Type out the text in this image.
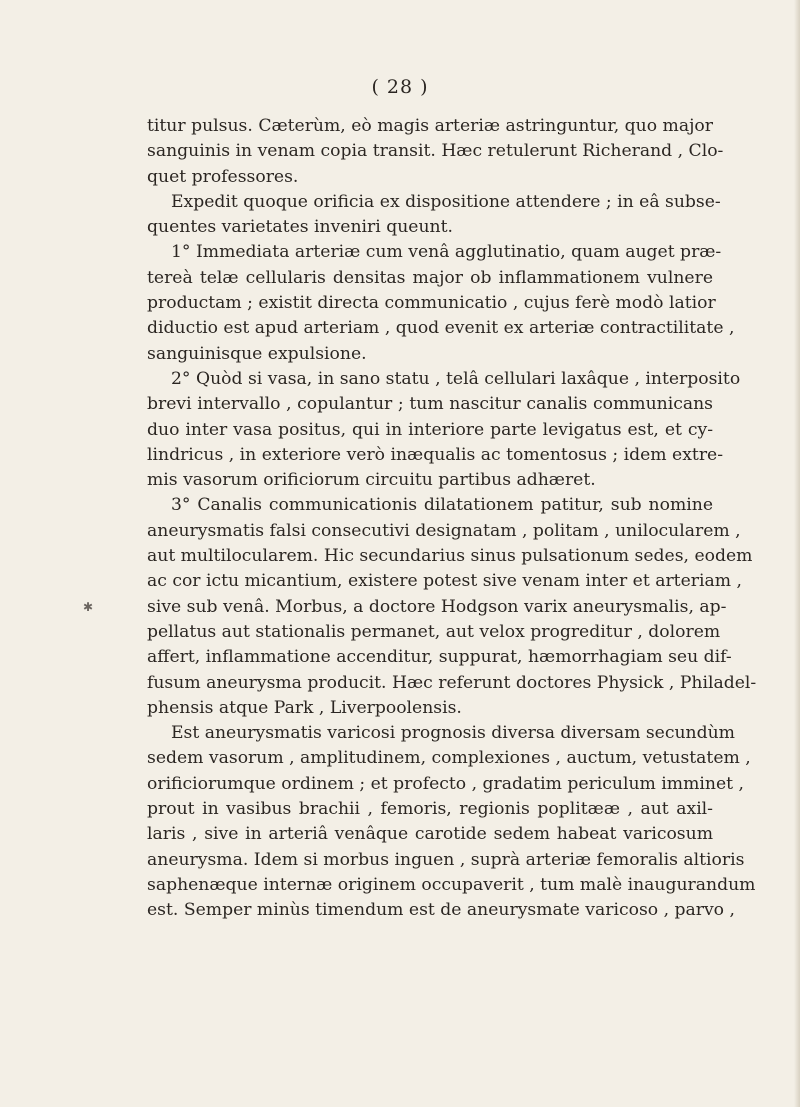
( 28 )
titur pulsus. Cæterùm, eò magis arteriæ astringuntur, quo major
sanguinis in venam copia transit. Hæc retulerunt Richerand , Clo-
quet professores.
Expedit quoque orificia ex dispositione attendere ; in eâ subse-
quentes varietates inveniri queunt.
1° Immediata arteriæ cum venâ agglutinatio, quam auget præ-
tereà telæ cellularis densitas major ob inflammationem vulnere
productam ; existit directa communicatio , cujus ferè modò latior
diductio est apud arteriam , quod evenit ex arteriæ contractilitate ,
sanguinisque expulsione.
2° Quòd si vasa, in sano statu , telâ cellulari laxâque , interposito
brevi intervallo , copulantur ; tum nascitur canalis communicans
duo inter vasa positus, qui in interiore parte levigatus est, et cy-
lindricus , in exteriore verò inæqualis ac tomentosus ; idem extre-
mis vasorum orificiorum circuitu partibus adhæret.
3° Canalis communicationis dilatationem patitur, sub nomine
aneurysmatis falsi consecutivi designatam , politam , unilocularem ,
aut multilocularem. Hic secundarius sinus pulsationum sedes, eodem
ac cor ictu micantium, existere potest sive venam inter et arteriam ,
sive sub venâ. Morbus, a doctore Hodgson varix aneurysmalis, ap-
pellatus aut stationalis permanet, aut velox progreditur , dolorem
affert, inflammatione accenditur, suppurat, hæmorrhagiam seu dif-
fusum aneurysma producit. Hæc referunt doctores Physick , Philadel-
phensis atque Park , Liverpoolensis.
Est aneurysmatis varicosi prognosis diversa diversam secundùm
sedem vasorum , amplitudinem, complexiones , auctum, vetustatem ,
orificiorumque ordinem ; et profecto , gradatim periculum imminet ,
prout in vasibus brachii , femoris, regionis poplitææ , aut axil-
laris , sive in arteriâ venâque carotide sedem habeat varicosum
aneurysma. Idem si morbus inguen , suprà arteriæ femoralis altioris
saphenæque internæ originem occupaverit , tum malè inaugurandum
est. Semper minùs timendum est de aneurysmate varicoso , parvo ,
✱
